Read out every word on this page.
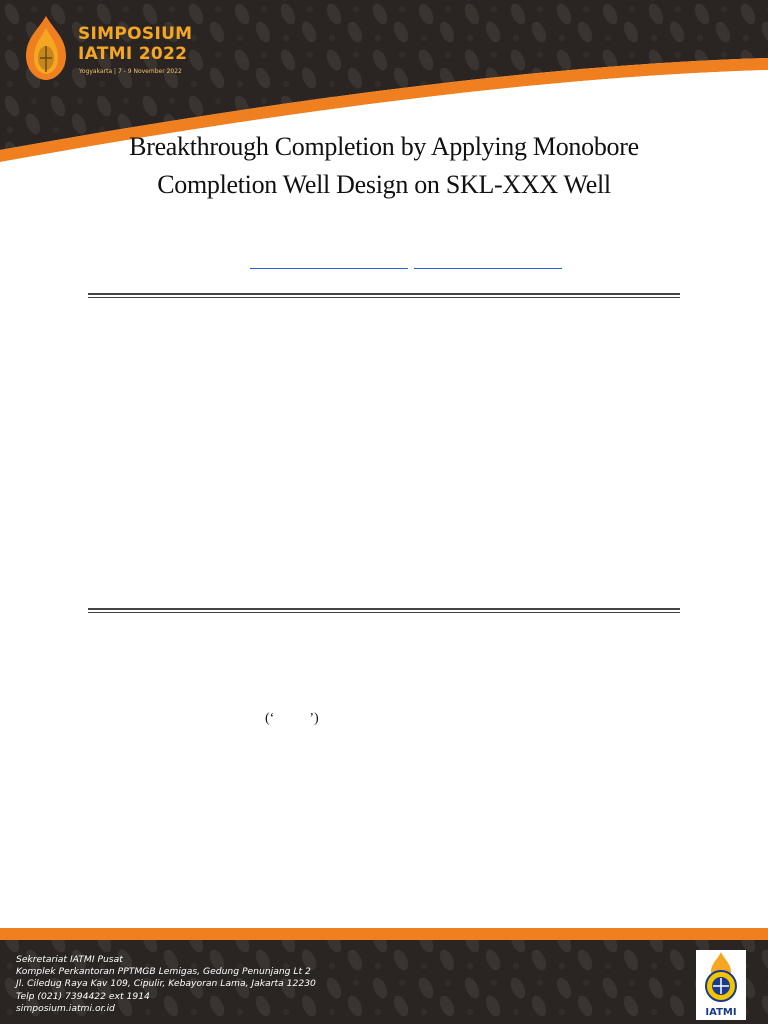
SIMPOSIUM
IATMI 2022
Yogyakarta | 7 - 9 November 2022
Breakthrough Completion by Applying Monobore
Completion Well Design on SKL-XXX Well
(‘          ’)
Sekretariat IATMI Pusat
Komplek Perkantoran PPTMGB Lemigas, Gedung Penunjang Lt 2
Jl. Ciledug Raya Kav 109, Cipulir, Kebayoran Lama, Jakarta 12230
Telp (021) 7394422 ext 1914
simposium.iatmi.or.id	IATMI
